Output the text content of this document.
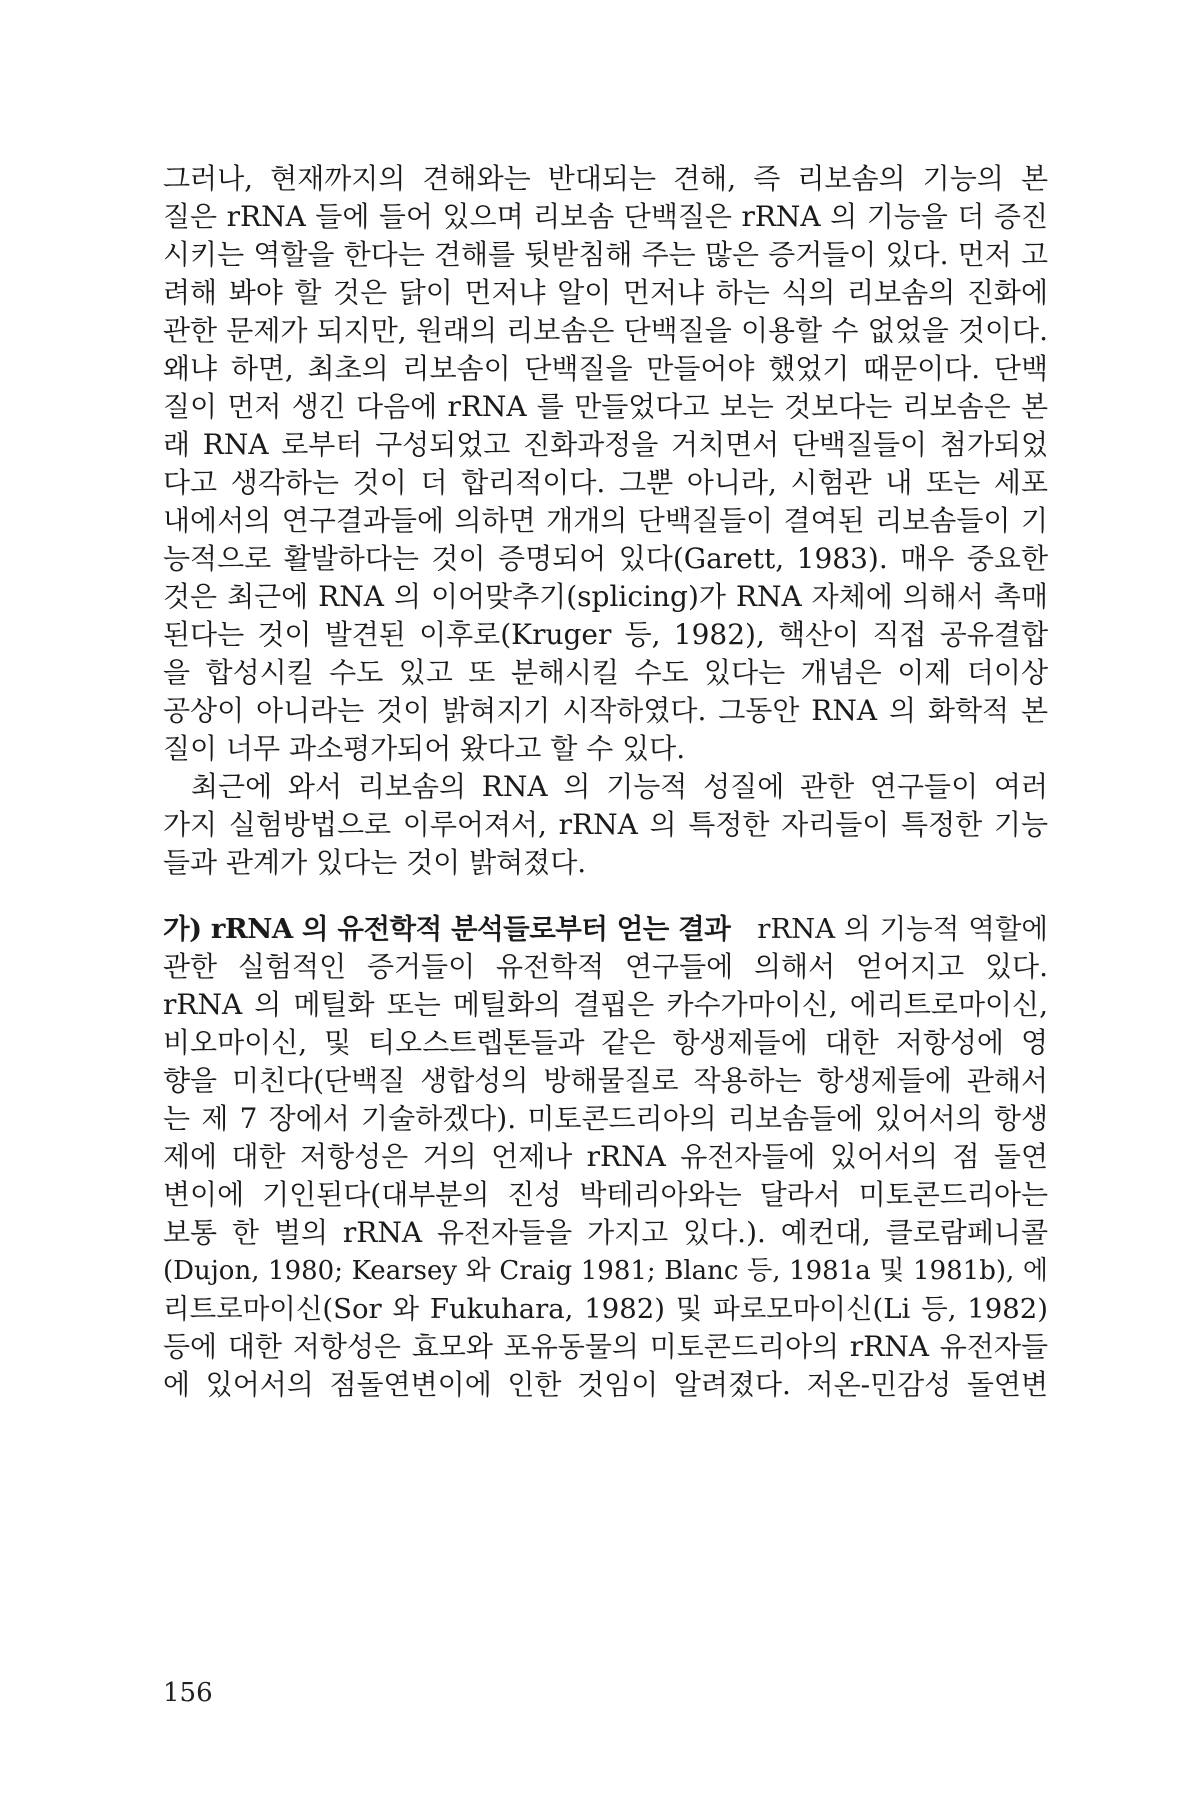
그러나, 현재까지의 견해와는 반대되는 견해, 즉 리보솜의 기능의 본
질은 rRNA 들에 들어 있으며 리보솜 단백질은 rRNA 의 기능을 더 증진
시키는 역할을 한다는 견해를 뒷받침해 주는 많은 증거들이 있다. 먼저 고
려해 봐야 할 것은 닭이 먼저냐 알이 먼저냐 하는 식의 리보솜의 진화에
관한 문제가 되지만, 원래의 리보솜은 단백질을 이용할 수 없었을 것이다.
왜냐 하면, 최초의 리보솜이 단백질을 만들어야 했었기 때문이다. 단백
질이 먼저 생긴 다음에 rRNA 를 만들었다고 보는 것보다는 리보솜은 본
래 RNA 로부터 구성되었고 진화과정을 거치면서 단백질들이 첨가되었
다고 생각하는 것이 더 합리적이다. 그뿐 아니라, 시험관 내 또는 세포
내에서의 연구결과들에 의하면 개개의 단백질들이 결여된 리보솜들이 기
능적으로 활발하다는 것이 증명되어 있다(Garett, 1983). 매우 중요한
것은 최근에 RNA 의 이어맞추기(splicing)가 RNA 자체에 의해서 촉매
된다는 것이 발견된 이후로(Kruger 등, 1982), 핵산이 직접 공유결합
을 합성시킬 수도 있고 또 분해시킬 수도 있다는 개념은 이제 더이상
공상이 아니라는 것이 밝혀지기 시작하였다. 그동안 RNA 의 화학적 본
질이 너무 과소평가되어 왔다고 할 수 있다.
최근에 와서 리보솜의 RNA 의 기능적 성질에 관한 연구들이 여러
가지 실험방법으로 이루어져서, rRNA 의 특정한 자리들이 특정한 기능
들과 관계가 있다는 것이 밝혀졌다.
가) rRNA 의 유전학적 분석들로부터 얻는 결과 rRNA 의 기능적 역할에
관한 실험적인 증거들이 유전학적 연구들에 의해서 얻어지고 있다.
rRNA 의 메틸화 또는 메틸화의 결핍은 카수가마이신, 에리트로마이신,
비오마이신, 및 티오스트렙톤들과 같은 항생제들에 대한 저항성에 영
향을 미친다(단백질 생합성의 방해물질로 작용하는 항생제들에 관해서
는 제 7 장에서 기술하겠다). 미토콘드리아의 리보솜들에 있어서의 항생
제에 대한 저항성은 거의 언제나 rRNA 유전자들에 있어서의 점 돌연
변이에 기인된다(대부분의 진성 박테리아와는 달라서 미토콘드리아는
보통 한 벌의 rRNA 유전자들을 가지고 있다.). 예컨대, 클로람페니콜
(Dujon, 1980; Kearsey 와 Craig 1981; Blanc 등, 1981a 및 1981b), 에
리트로마이신(Sor 와 Fukuhara, 1982) 및 파로모마이신(Li 등, 1982)
등에 대한 저항성은 효모와 포유동물의 미토콘드리아의 rRNA 유전자들
에 있어서의 점돌연변이에 인한 것임이 알려졌다. 저온-민감성 돌연변
156
